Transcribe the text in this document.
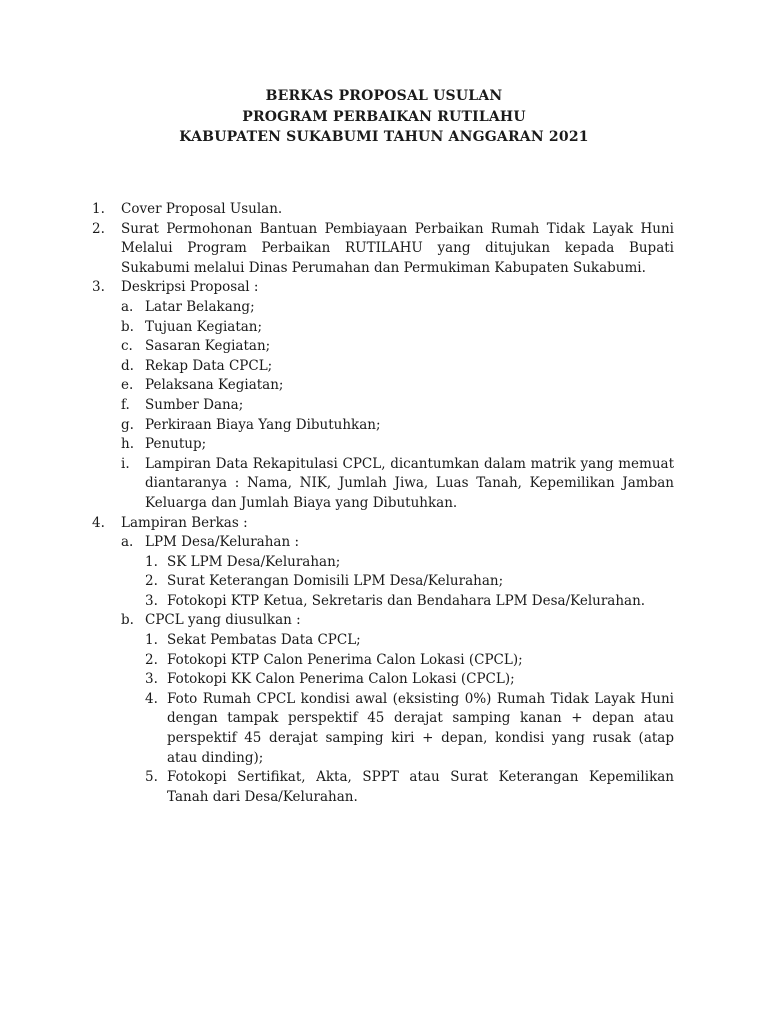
BERKAS PROPOSAL USULAN
PROGRAM PERBAIKAN RUTILAHU
KABUPATEN SUKABUMI TAHUN ANGGARAN 2021
1. Cover Proposal Usulan.
2. Surat Permohonan Bantuan Pembiayaan Perbaikan Rumah Tidak Layak Huni Melalui Program Perbaikan RUTILAHU yang ditujukan kepada Bupati Sukabumi melalui Dinas Perumahan dan Permukiman Kabupaten Sukabumi.
3. Deskripsi Proposal :
a. Latar Belakang;
b. Tujuan Kegiatan;
c. Sasaran Kegiatan;
d. Rekap Data CPCL;
e. Pelaksana Kegiatan;
f. Sumber Dana;
g. Perkiraan Biaya Yang Dibutuhkan;
h. Penutup;
i. Lampiran Data Rekapitulasi CPCL, dicantumkan dalam matrik yang memuat diantaranya : Nama, NIK, Jumlah Jiwa, Luas Tanah, Kepemilikan Jamban Keluarga dan Jumlah Biaya yang Dibutuhkan.
4. Lampiran Berkas :
a. LPM Desa/Kelurahan :
1. SK LPM Desa/Kelurahan;
2. Surat Keterangan Domisili LPM Desa/Kelurahan;
3. Fotokopi KTP Ketua, Sekretaris dan Bendahara LPM Desa/Kelurahan.
b. CPCL yang diusulkan :
1. Sekat Pembatas Data CPCL;
2. Fotokopi KTP Calon Penerima Calon Lokasi (CPCL);
3. Fotokopi KK Calon Penerima Calon Lokasi (CPCL);
4. Foto Rumah CPCL kondisi awal (eksisting 0%) Rumah Tidak Layak Huni dengan tampak perspektif 45 derajat samping kanan + depan atau perspektif 45 derajat samping kiri + depan, kondisi yang rusak (atap atau dinding);
5. Fotokopi Sertifikat, Akta, SPPT atau Surat Keterangan Kepemilikan Tanah dari Desa/Kelurahan.
